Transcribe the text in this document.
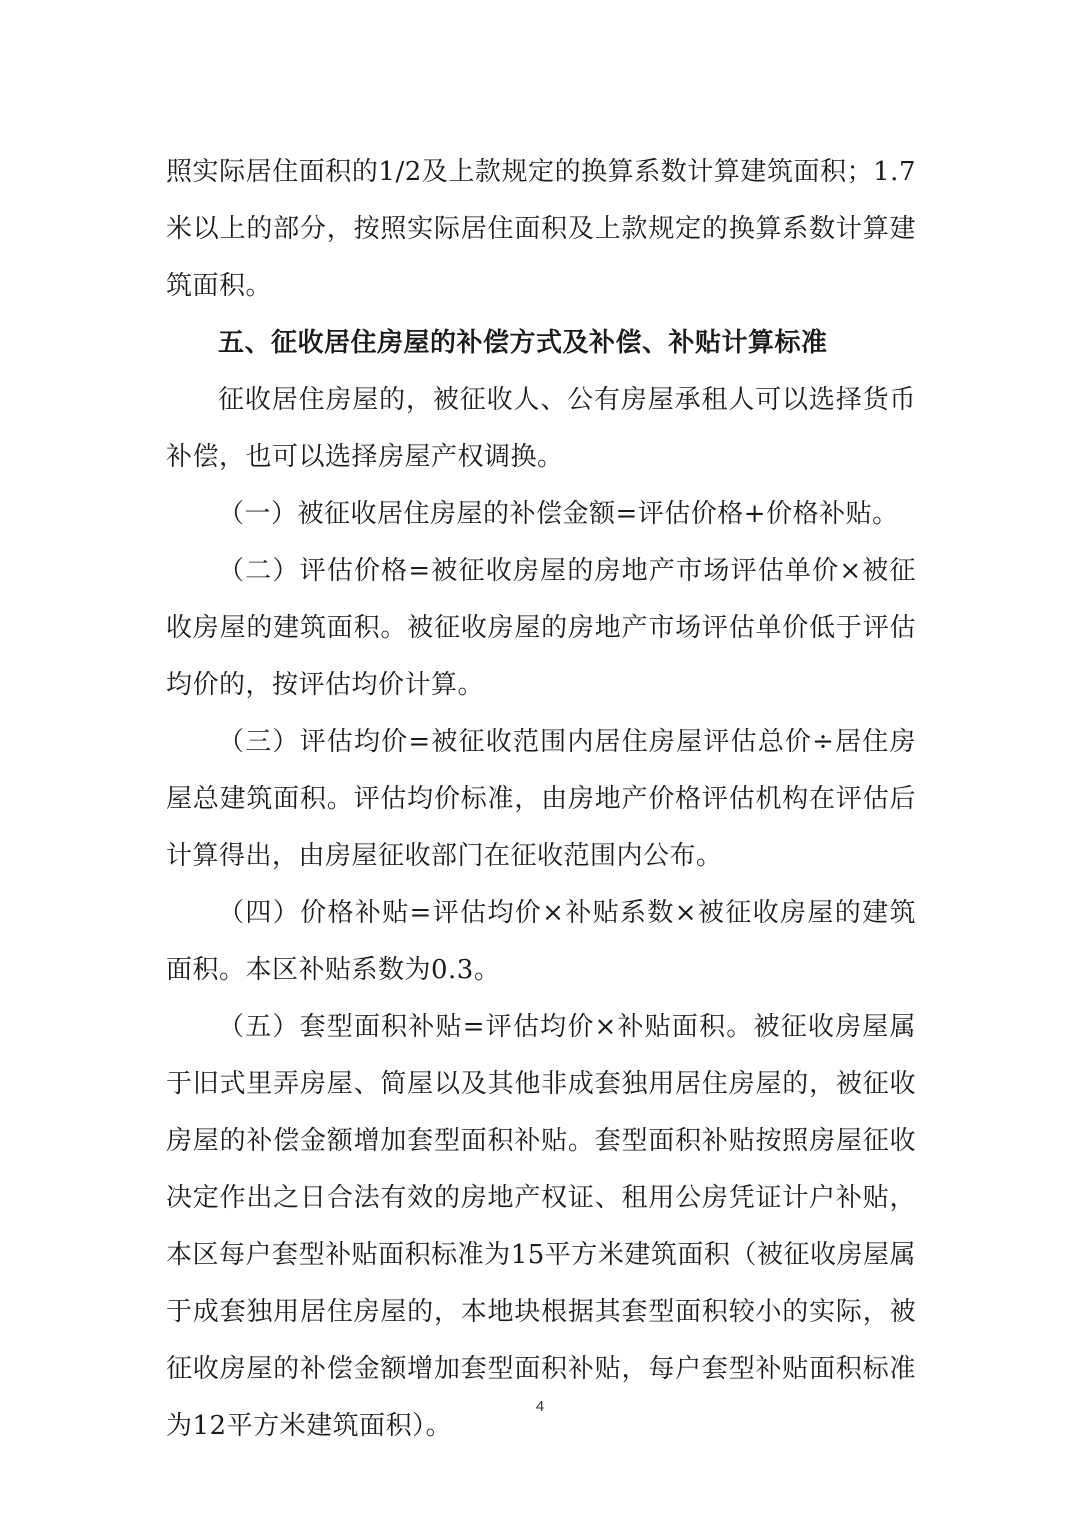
照实际居住面积的1/2及上款规定的换算系数计算建筑面积；1.7米以上的部分，按照实际居住面积及上款规定的换算系数计算建筑面积。

五、征收居住房屋的补偿方式及补偿、补贴计算标准

征收居住房屋的，被征收人、公有房屋承租人可以选择货币补偿，也可以选择房屋产权调换。

（一）被征收居住房屋的补偿金额=评估价格+价格补贴。

（二）评估价格=被征收房屋的房地产市场评估单价×被征收房屋的建筑面积。被征收房屋的房地产市场评估单价低于评估均价的，按评估均价计算。

（三）评估均价=被征收范围内居住房屋评估总价÷居住房屋总建筑面积。评估均价标准，由房地产价格评估机构在评估后计算得出，由房屋征收部门在征收范围内公布。

（四）价格补贴=评估均价×补贴系数×被征收房屋的建筑面积。本区补贴系数为0.3。

（五）套型面积补贴=评估均价×补贴面积。被征收房屋属于旧式里弄房屋、简屋以及其他非成套独用居住房屋的，被征收房屋的补偿金额增加套型面积补贴。套型面积补贴按照房屋征收决定作出之日合法有效的房地产权证、租用公房凭证计户补贴，本区每户套型补贴面积标准为15平方米建筑面积（被征收房屋属于成套独用居住房屋的，本地块根据其套型面积较小的实际，被征收房屋的补偿金额增加套型面积补贴，每户套型补贴面积标准为12平方米建筑面积）。

4
